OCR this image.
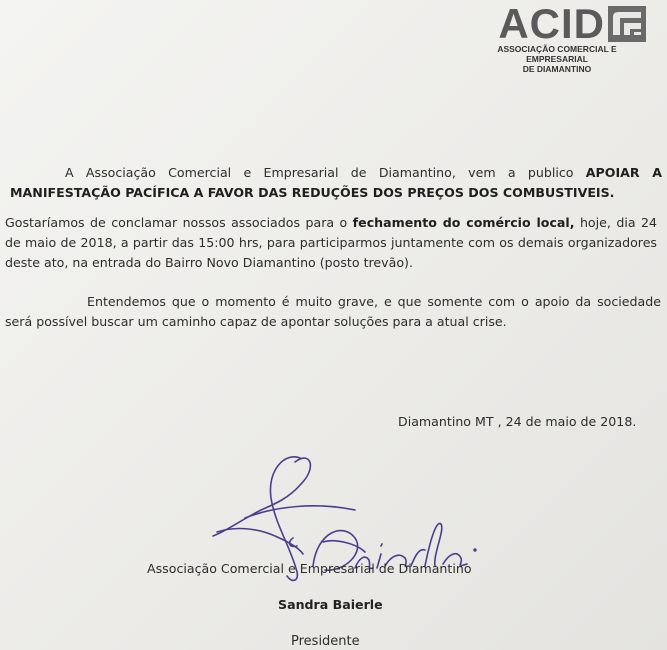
ACID
ASSOCIAÇÃO COMERCIAL E EMPRESARIAL
DE DIAMANTINO

A Associação Comercial e Empresarial de Diamantino, vem a publico APOIAR A MANIFESTAÇÃO PACÍFICA A FAVOR DAS REDUÇÕES DOS PREÇOS DOS COMBUSTIVEIS.

Gostaríamos de conclamar nossos associados para o fechamento do comércio local, hoje, dia 24 de maio de 2018, a partir das 15:00 hrs, para participarmos juntamente com os demais organizadores deste ato, na entrada do Bairro Novo Diamantino (posto trevão).

Entendemos que o momento é muito grave, e que somente com o apoio da sociedade será possível buscar um caminho capaz de apontar soluções para a atual crise.

Diamantino MT , 24 de maio de 2018.
Associação Comercial e Empresarial de Diamantino
Sandra Baierle
Presidente
